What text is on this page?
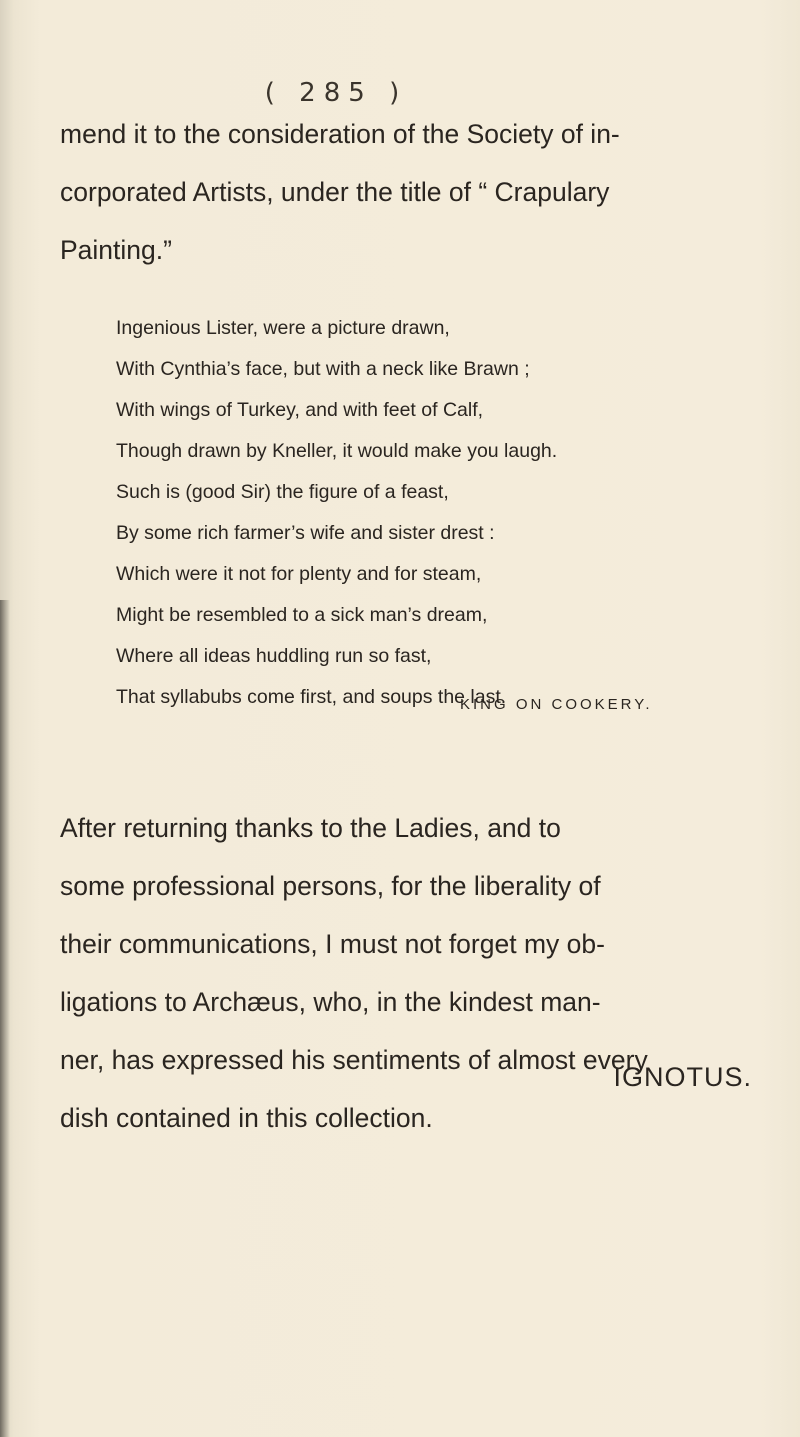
( 285 )
mend it to the consideration of the Society of in-
corporated Artists, under the title of “ Crapulary
Painting.”
Ingenious Lister, were a picture drawn,
With Cynthia’s face, but with a neck like Brawn ;
With wings of Turkey, and with feet of Calf,
Though drawn by Kneller, it would make you laugh.
Such is (good Sir) the figure of a feast,
By some rich farmer’s wife and sister drest :
Which were it not for plenty and for steam,
Might be resembled to a sick man’s dream,
Where all ideas huddling run so fast,
That syllabubs come first, and soups the last.
KING ON COOKERY.
After returning thanks to the Ladies, and to
some professional persons, for the liberality of
their communications, I must not forget my ob-
ligations to Archæus, who, in the kindest man-
ner, has expressed his sentiments of almost every
dish contained in this collection.
IGNOTUS.
